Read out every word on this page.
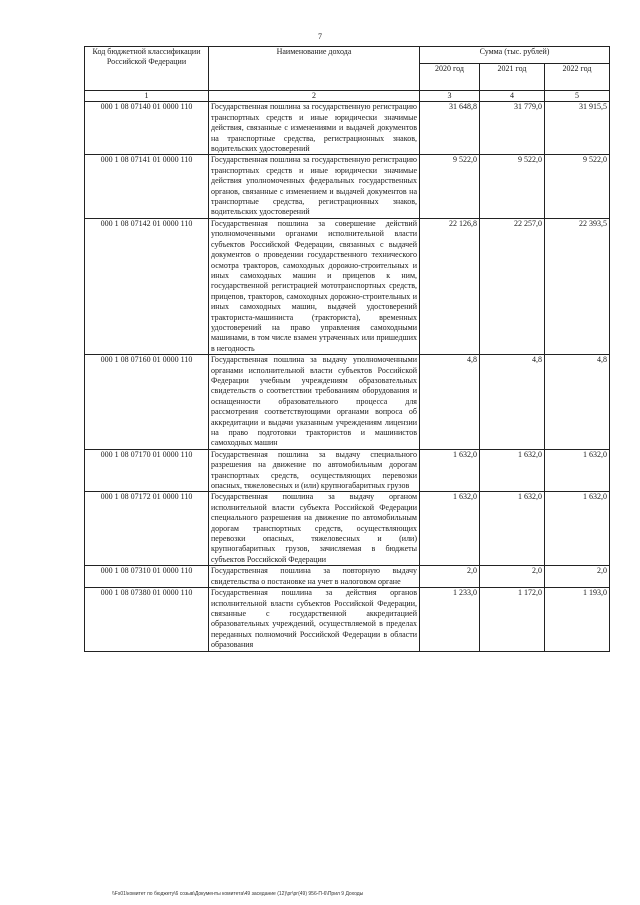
7
Код бюджетной классификации Российской Федерации	Наименование дохода	Сумма (тыс. рублей)		
		2020 год	2021 год	2022 год
1	2	3	4	5
000 1 08 07140 01 0000 110	Государственная пошлина за государственную регистрацию транспортных средств и иные юридически значимые действия, связанные с изменениями и выдачей документов на транспортные средства, регистрационных знаков, водительских удостоверений	31 648,8	31 779,0	31 915,5
000 1 08 07141 01 0000 110	Государственная пошлина за государственную регистрацию транспортных средств и иные юридически значимые действия уполномоченных федеральных государственных органов, связанные с изменением и выдачей документов на транспортные средства, регистрационных знаков, водительских удостоверений	9 522,0	9 522,0	9 522,0
000 1 08 07142 01 0000 110	Государственная пошлина за совершение действий уполномоченными органами исполнительной власти субъектов Российской Федерации, связанных с выдачей документов о проведении государственного технического осмотра тракторов, самоходных дорожно-строительных и иных самоходных машин и прицепов к ним, государственной регистрацией мототранспортных средств, прицепов, тракторов, самоходных дорожно-строительных и иных самоходных машин, выдачей удостоверений тракториста-машиниста (тракториста), временных удостоверений на право управления самоходными машинами, в том числе взамен утраченных или пришедших в негодность	22 126,8	22 257,0	22 393,5
000 1 08 07160 01 0000 110	Государственная пошлина за выдачу уполномоченными органами исполнительной власти субъектов Российской Федерации учебным учреждениям образовательных свидетельств о соответствии требованиям оборудования и оснащенности образовательного процесса для рассмотрения соответствующими органами вопроса об аккредитации и выдачи указанным учреждениям лицензии на право подготовки трактористов и машинистов самоходных машин	4,8	4,8	4,8
000 1 08 07170 01 0000 110	Государственная пошлина за выдачу специального разрешения на движение по автомобильным дорогам транспортных средств, осуществляющих перевозки опасных, тяжеловесных и (или) крупногабаритных грузов	1 632,0	1 632,0	1 632,0
000 1 08 07172 01 0000 110	Государственная пошлина за выдачу органом исполнительной власти субъекта Российской Федерации специального разрешения на движение по автомобильным дорогам транспортных средств, осуществляющих перевозки опасных, тяжеловесных и (или) крупногабаритных грузов, зачисляемая в бюджеты субъектов Российской Федерации	1 632,0	1 632,0	1 632,0
000 1 08 07310 01 0000 110	Государственная пошлина за повторную выдачу свидетельства о постановке на учет в налоговом органе	2,0	2,0	2,0
000 1 08 07380 01 0000 110	Государственная пошлина за действия органов исполнительной власти субъектов Российской Федерации, связанные с государственной аккредитацией образовательных учреждений, осуществляемой в пределах переданных полномочий Российской Федерации в области образования	1 233,0	1 172,0	1 193,0
\\Fs01\комитет по бюджету\6 созыв\Документы комитета\49 заседание (12)\рг\рг(49) 956-П-6\Прил 9 Доходы
